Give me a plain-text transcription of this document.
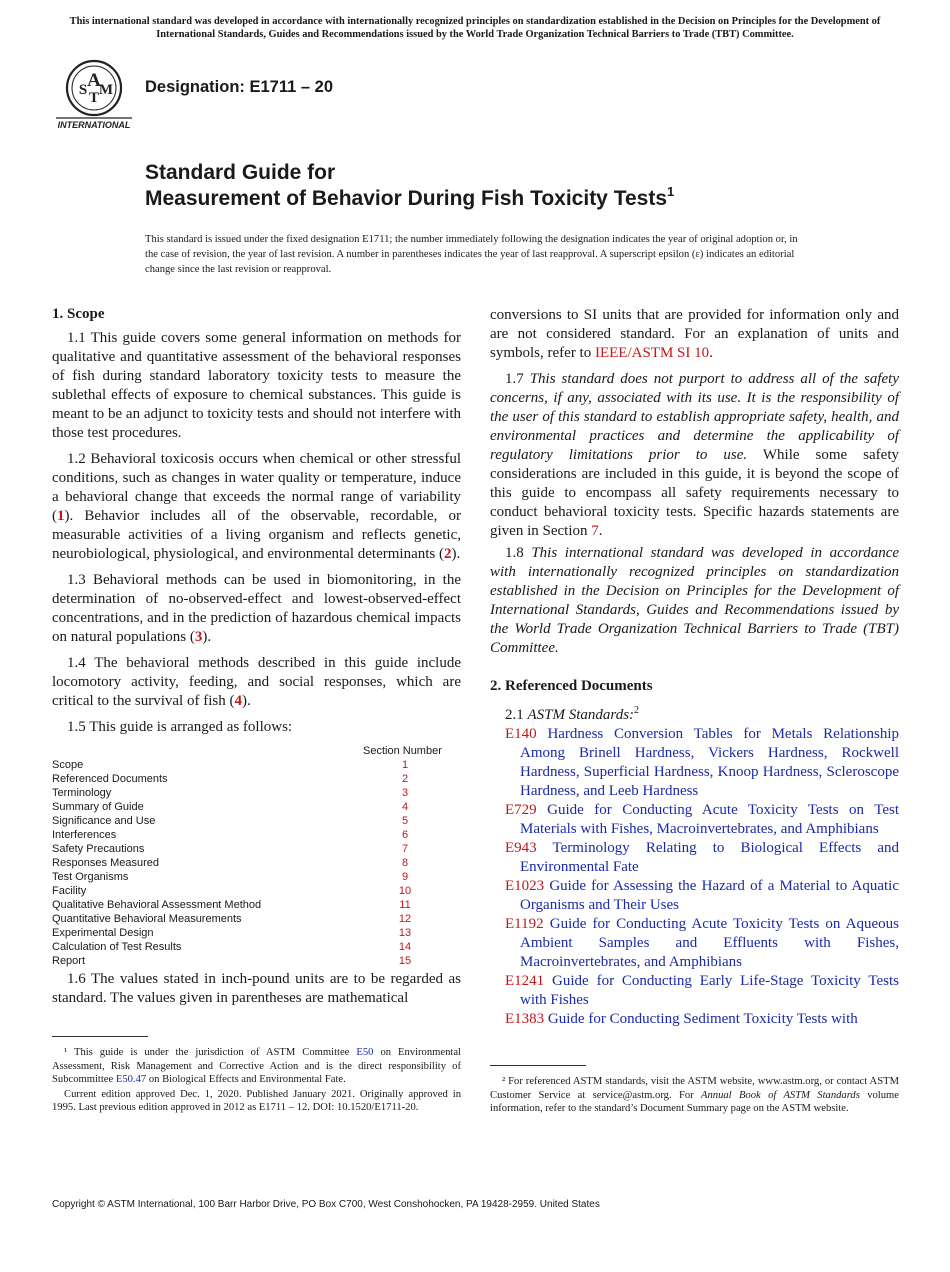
This international standard was developed in accordance with internationally recognized principles on standardization established in the Decision on Principles for the Development of International Standards, Guides and Recommendations issued by the World Trade Organization Technical Barriers to Trade (TBT) Committee.
A
S T M
INTERNATIONAL
Designation: E1711 – 20
Standard Guide for
Measurement of Behavior During Fish Toxicity Tests$^1$
This standard is issued under the fixed designation E1711; the number immediately following the designation indicates the year of original adoption or, in the case of revision, the year of last revision. A number in parentheses indicates the year of last reapproval. A superscript epsilon (ε) indicates an editorial change since the last revision or reapproval.
1. Scope
1.1 This guide covers some general information on methods for qualitative and quantitative assessment of the behavioral responses of fish during standard laboratory toxicity tests to measure the sublethal effects of exposure to chemical substances. This guide is meant to be an adjunct to toxicity tests and should not interfere with those test procedures.
1.2 Behavioral toxicosis occurs when chemical or other stressful conditions, such as changes in water quality or temperature, induce a behavioral change that exceeds the normal range of variability (1). Behavior includes all of the observable, recordable, or measurable activities of a living organism and reflects genetic, neurobiological, physiological, and environmental determinants (2).
1.3 Behavioral methods can be used in biomonitoring, in the determination of no-observed-effect and lowest-observed-effect concentrations, and in the prediction of hazardous chemical impacts on natural populations (3).
1.4 The behavioral methods described in this guide include locomotory activity, feeding, and social responses, which are critical to the survival of fish (4).
1.5 This guide is arranged as follows:
Section Number
Scope	1
Referenced Documents	2
Terminology	3
Summary of Guide	4
Significance and Use	5
Interferences	6
Safety Precautions	7
Responses Measured	8
Test Organisms	9
Facility	10
Qualitative Behavioral Assessment Method	11
Quantitative Behavioral Measurements	12
Experimental Design	13
Calculation of Test Results	14
Report	15
1.6 The values stated in inch-pound units are to be regarded as standard. The values given in parentheses are mathematical
conversions to SI units that are provided for information only and are not considered standard. For an explanation of units and symbols, refer to IEEE/ASTM SI 10.
1.7 This standard does not purport to address all of the safety concerns, if any, associated with its use. It is the responsibility of the user of this standard to establish appropriate safety, health, and environmental practices and determine the applicability of regulatory limitations prior to use. While some safety considerations are included in this guide, it is beyond the scope of this guide to encompass all safety requirements necessary to conduct behavioral toxicity tests. Specific hazards statements are given in Section 7.
1.8 This international standard was developed in accordance with internationally recognized principles on standardization established in the Decision on Principles for the Development of International Standards, Guides and Recommendations issued by the World Trade Organization Technical Barriers to Trade (TBT) Committee.
2. Referenced Documents
2.1 ASTM Standards:$^2$
E140 Hardness Conversion Tables for Metals Relationship Among Brinell Hardness, Vickers Hardness, Rockwell Hardness, Superficial Hardness, Knoop Hardness, Scleroscope Hardness, and Leeb Hardness
E729 Guide for Conducting Acute Toxicity Tests on Test Materials with Fishes, Macroinvertebrates, and Amphibians
E943 Terminology Relating to Biological Effects and Environmental Fate
E1023 Guide for Assessing the Hazard of a Material to Aquatic Organisms and Their Uses
E1192 Guide for Conducting Acute Toxicity Tests on Aqueous Ambient Samples and Effluents with Fishes, Macroinvertebrates, and Amphibians
E1241 Guide for Conducting Early Life-Stage Toxicity Tests with Fishes
E1383 Guide for Conducting Sediment Toxicity Tests with
¹ This guide is under the jurisdiction of ASTM Committee E50 on Environmental Assessment, Risk Management and Corrective Action and is the direct responsibility of Subcommittee E50.47 on Biological Effects and Environmental Fate.
Current edition approved Dec. 1, 2020. Published January 2021. Originally approved in 1995. Last previous edition approved in 2012 as E1711 – 12. DOI: 10.1520/E1711-20.
² For referenced ASTM standards, visit the ASTM website, www.astm.org, or contact ASTM Customer Service at service@astm.org. For Annual Book of ASTM Standards volume information, refer to the standard’s Document Summary page on the ASTM website.
Copyright © ASTM International, 100 Barr Harbor Drive, PO Box C700, West Conshohocken, PA 19428-2959. United States
